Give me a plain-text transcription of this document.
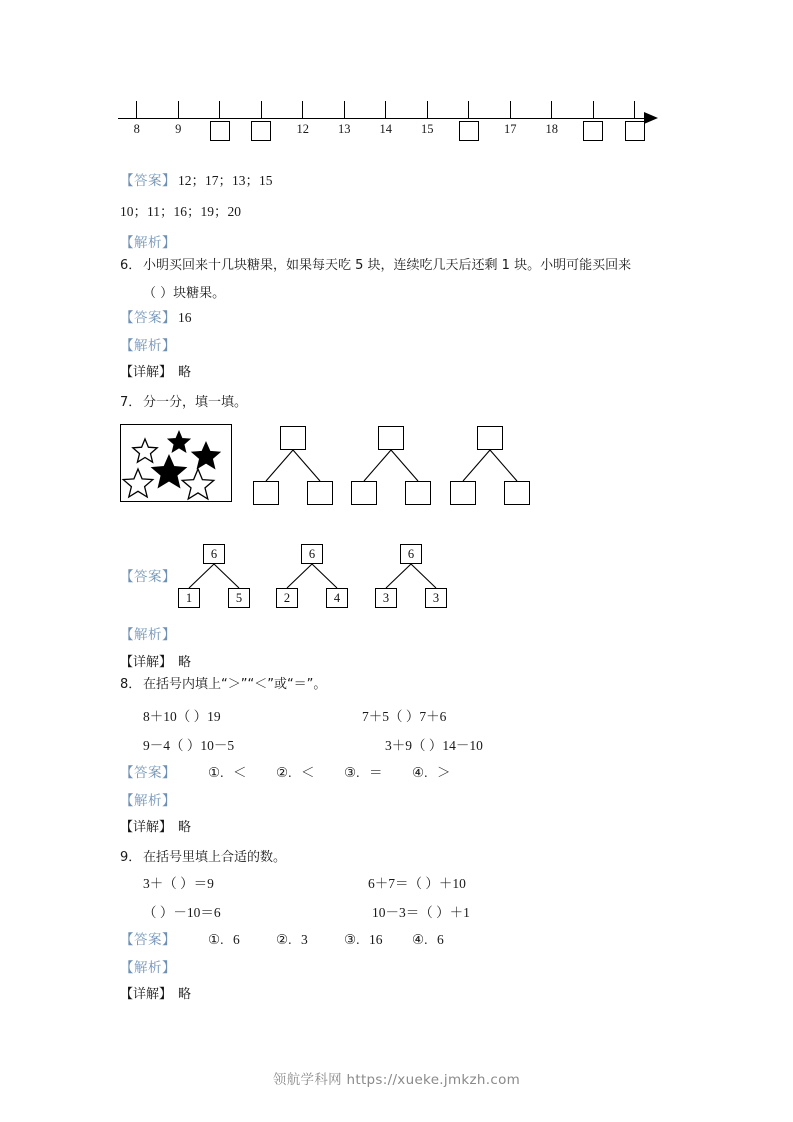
8	9	12 13 14 15	17 18
【答案】 12；17；13；15
10；11；16；19；20
【解析】
6． 小明买回来十几块糖果，如果每天吃 5 块，连续吃几天后还剩 1 块。小明可能买回来
（ ）块糖果。
【答案】 16
【解析】
【详解】 略
7． 分一分，填一填。
【答案】
6
1	5
6
2	4
6
3	3
【解析】
【详解】 略
8． 在括号内填上“＞”“＜”或“＝”。
8＋10（ ）19	7＋5（ ）7＋6
9－4（ ）10－5	3＋9（ ）14－10
【答案】 ①. ＜ ②. ＜ ③. ＝ ④. ＞
【解析】
【详解】 略
9． 在括号里填上合适的数。
3＋（ ）＝9	6＋7＝（ ）＋10
（ ）－10＝6	10－3＝（ ）＋1
【答案】 ①. 6	②. 3	③. 16 ④. 6
【解析】
【详解】 略
领航学科网 https://xueke.jmkzh.com
